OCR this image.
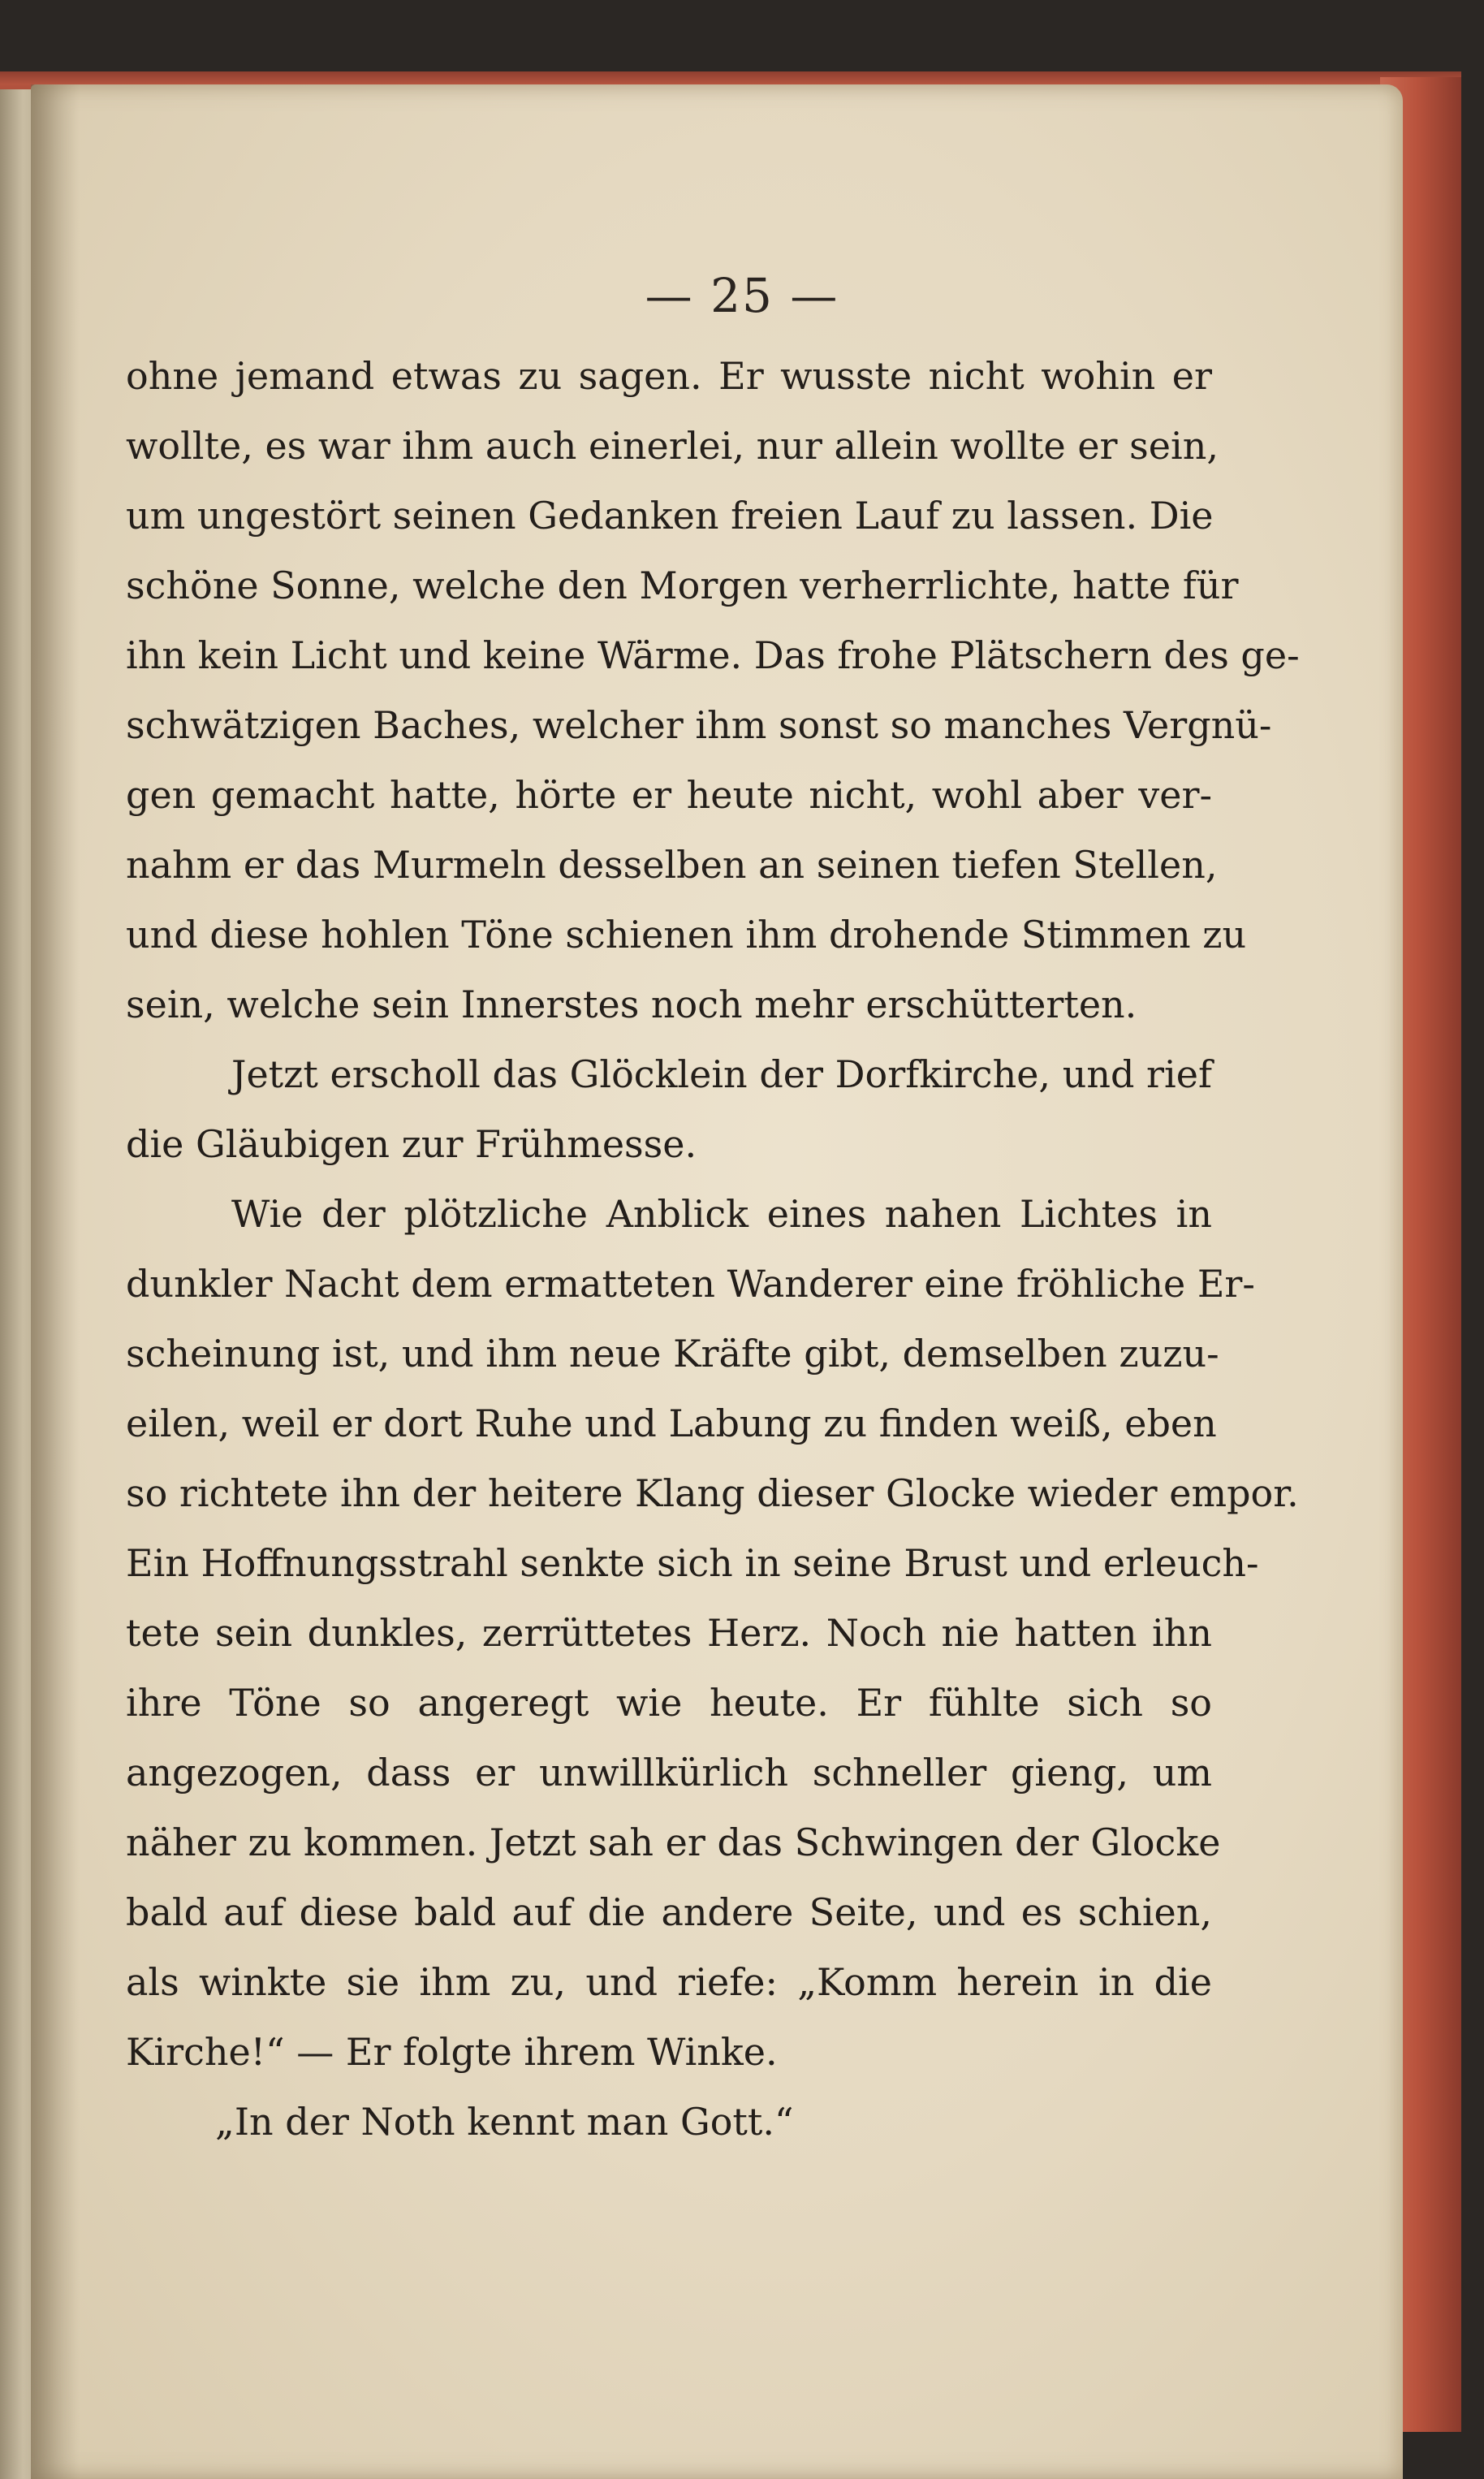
— 25 —
ohne jemand etwas zu sagen. Er wusste nicht wohin er
wollte, es war ihm auch einerlei, nur allein wollte er sein,
um ungestört seinen Gedanken freien Lauf zu lassen. Die
schöne Sonne, welche den Morgen verherrlichte, hatte für
ihn kein Licht und keine Wärme. Das frohe Plätschern des ge-
schwätzigen Baches, welcher ihm sonst so manches Vergnü-
gen gemacht hatte, hörte er heute nicht, wohl aber ver-
nahm er das Murmeln desselben an seinen tiefen Stellen,
und diese hohlen Töne schienen ihm drohende Stimmen zu
sein, welche sein Innerstes noch mehr erschütterten.
Jetzt erscholl das Glöcklein der Dorfkirche, und rief
die Gläubigen zur Frühmesse.
Wie der plötzliche Anblick eines nahen Lichtes in
dunkler Nacht dem ermatteten Wanderer eine fröhliche Er-
scheinung ist, und ihm neue Kräfte gibt, demselben zuzu-
eilen, weil er dort Ruhe und Labung zu finden weiß, eben
so richtete ihn der heitere Klang dieser Glocke wieder empor.
Ein Hoffnungsstrahl senkte sich in seine Brust und erleuch-
tete sein dunkles, zerrüttetes Herz. Noch nie hatten ihn
ihre Töne so angeregt wie heute. Er fühlte sich so
angezogen, dass er unwillkürlich schneller gieng, um
näher zu kommen. Jetzt sah er das Schwingen der Glocke
bald auf diese bald auf die andere Seite, und es schien,
als winkte sie ihm zu, und riefe: „Komm herein in die
Kirche!“ — Er folgte ihrem Winke.
„In der Noth kennt man Gott.“
